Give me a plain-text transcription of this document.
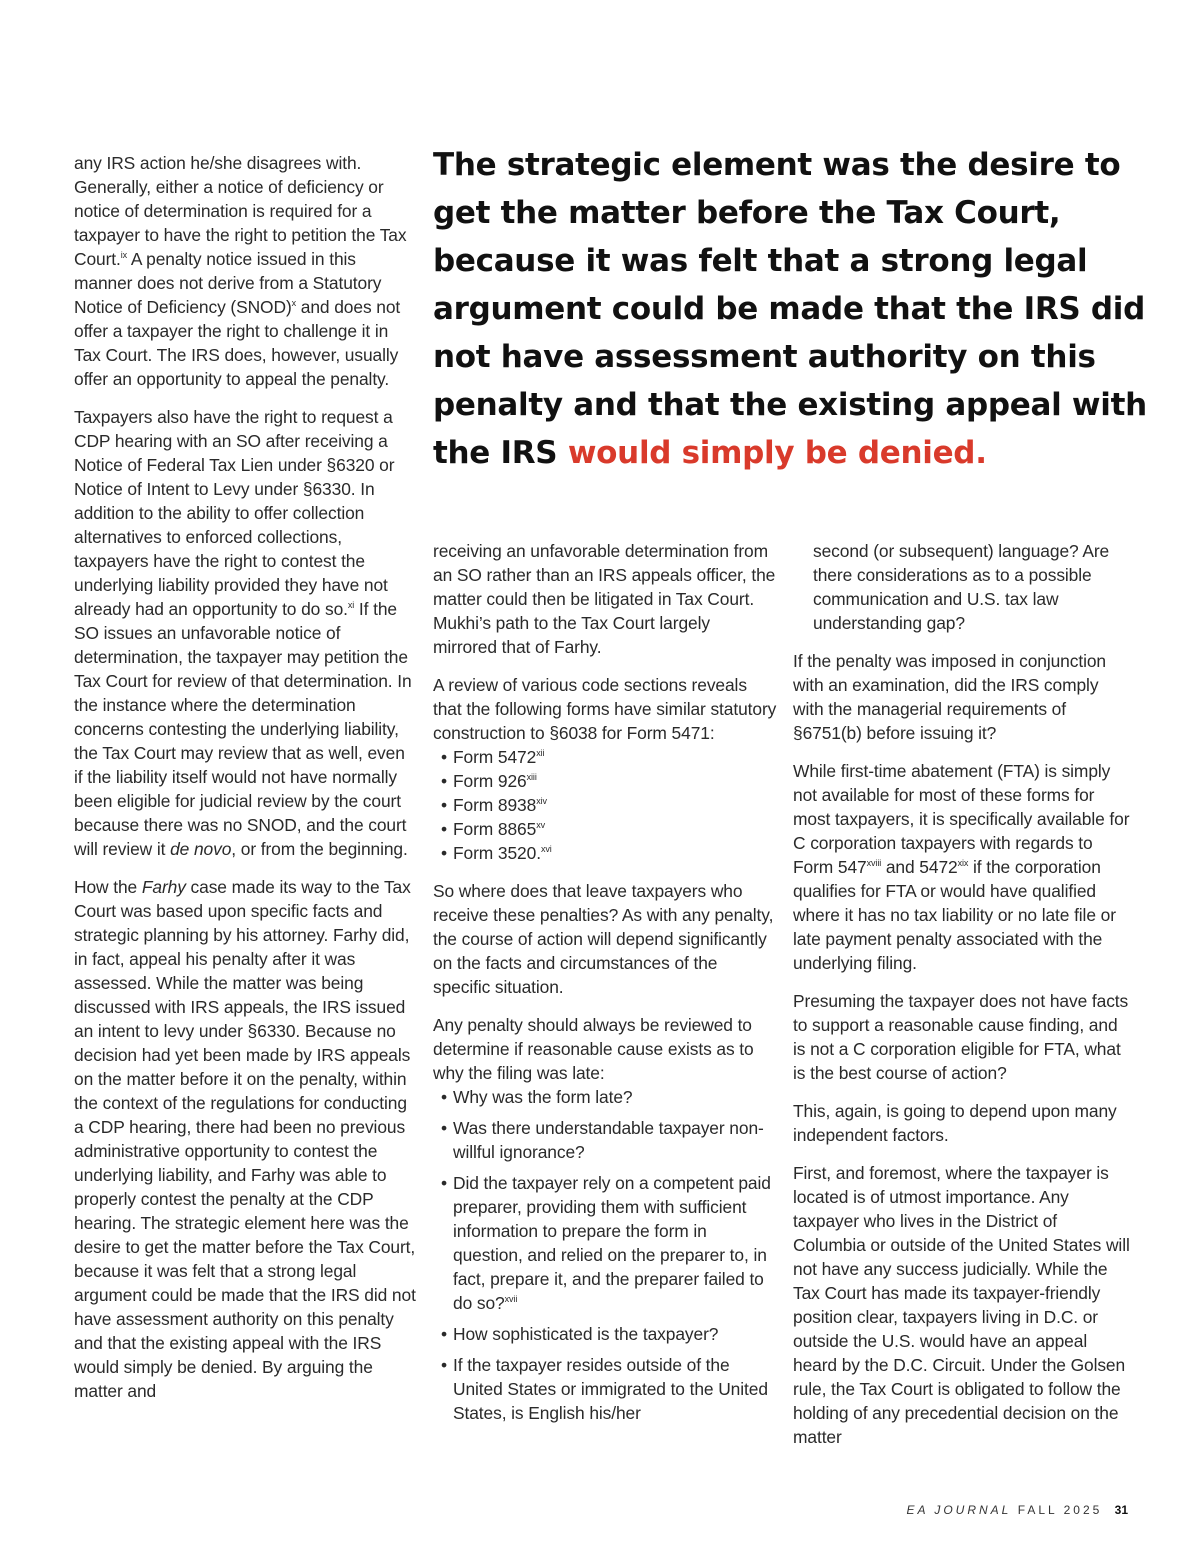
any IRS action he/she disagrees with. Generally, either a notice of deficiency or notice of determination is required for a taxpayer to have the right to petition the Tax Court.$^{ix}$ A penalty notice issued in this manner does not derive from a Statutory Notice of Deficiency (SNOD)$^x$ and does not offer a taxpayer the right to challenge it in Tax Court. The IRS does, however, usually offer an opportunity to appeal the penalty.

Taxpayers also have the right to request a CDP hearing with an SO after receiving a Notice of Federal Tax Lien under §6320 or Notice of Intent to Levy under §6330. In addition to the ability to offer collection alternatives to enforced collections, taxpayers have the right to contest the underlying liability provided they have not already had an opportunity to do so.$^{xi}$ If the SO issues an unfavorable notice of determination, the taxpayer may petition the Tax Court for review of that determination. In the instance where the determination concerns contesting the underlying liability, the Tax Court may review that as well, even if the liability itself would not have normally been eligible for judicial review by the court because there was no SNOD, and the court will review it de novo, or from the beginning.

How the Farhy case made its way to the Tax Court was based upon specific facts and strategic planning by his attorney. Farhy did, in fact, appeal his penalty after it was assessed. While the matter was being discussed with IRS appeals, the IRS issued an intent to levy under §6330. Because no decision had yet been made by IRS appeals on the matter before it on the penalty, within the context of the regulations for conducting a CDP hearing, there had been no previous administrative opportunity to contest the underlying liability, and Farhy was able to properly contest the penalty at the CDP hearing. The strategic element here was the desire to get the matter before the Tax Court, because it was felt that a strong legal argument could be made that the IRS did not have assessment authority on this penalty and that the existing appeal with the IRS would simply be denied. By arguing the matter and

The strategic element was the desire to get the matter before the Tax Court, because it was felt that a strong legal argument could be made that the IRS did not have assessment authority on this penalty and that the existing appeal with the IRS would simply be denied.

receiving an unfavorable determination from an SO rather than an IRS appeals officer, the matter could then be litigated in Tax Court. Mukhi’s path to the Tax Court largely mirrored that of Farhy.

A review of various code sections reveals that the following forms have similar statutory construction to §6038 for Form 5471:

• Form 5472$^{xii}$
• Form 926$^{xiii}$
• Form 8938$^{xiv}$
• Form 8865$^{xv}$
• Form 3520.$^{xvi}$

So where does that leave taxpayers who receive these penalties? As with any penalty, the course of action will depend significantly on the facts and circumstances of the specific situation.

Any penalty should always be reviewed to determine if reasonable cause exists as to why the filing was late:

• Why was the form late?
• Was there understandable taxpayer non-willful ignorance?
• Did the taxpayer rely on a competent paid preparer, providing them with sufficient information to prepare the form in question, and relied on the preparer to, in fact, prepare it, and the preparer failed to do so?$^{xvii}$
• How sophisticated is the taxpayer?
• If the taxpayer resides outside of the United States or immigrated to the United States, is English his/her
second (or subsequent) language? Are there considerations as to a possible communication and U.S. tax law understanding gap?

If the penalty was imposed in conjunction with an examination, did the IRS comply with the managerial requirements of §6751(b) before issuing it?

While first-time abatement (FTA) is simply not available for most of these forms for most taxpayers, it is specifically available for C corporation taxpayers with regards to Form $547^{xviii}$ and 5472$^{xix}$ if the corporation qualifies for FTA or would have qualified where it has no tax liability or no late file or late payment penalty associated with the underlying filing.

Presuming the taxpayer does not have facts to support a reasonable cause finding, and is not a C corporation eligible for FTA, what is the best course of action?

This, again, is going to depend upon many independent factors.

First, and foremost, where the taxpayer is located is of utmost importance. Any taxpayer who lives in the District of Columbia or outside of the United States will not have any success judicially. While the Tax Court has made its taxpayer-friendly position clear, taxpayers living in D.C. or outside the U.S. would have an appeal heard by the D.C. Circuit. Under the Golsen rule, the Tax Court is obligated to follow the holding of any precedential decision on the matter

EA JOURNAL FALL 2025 31
